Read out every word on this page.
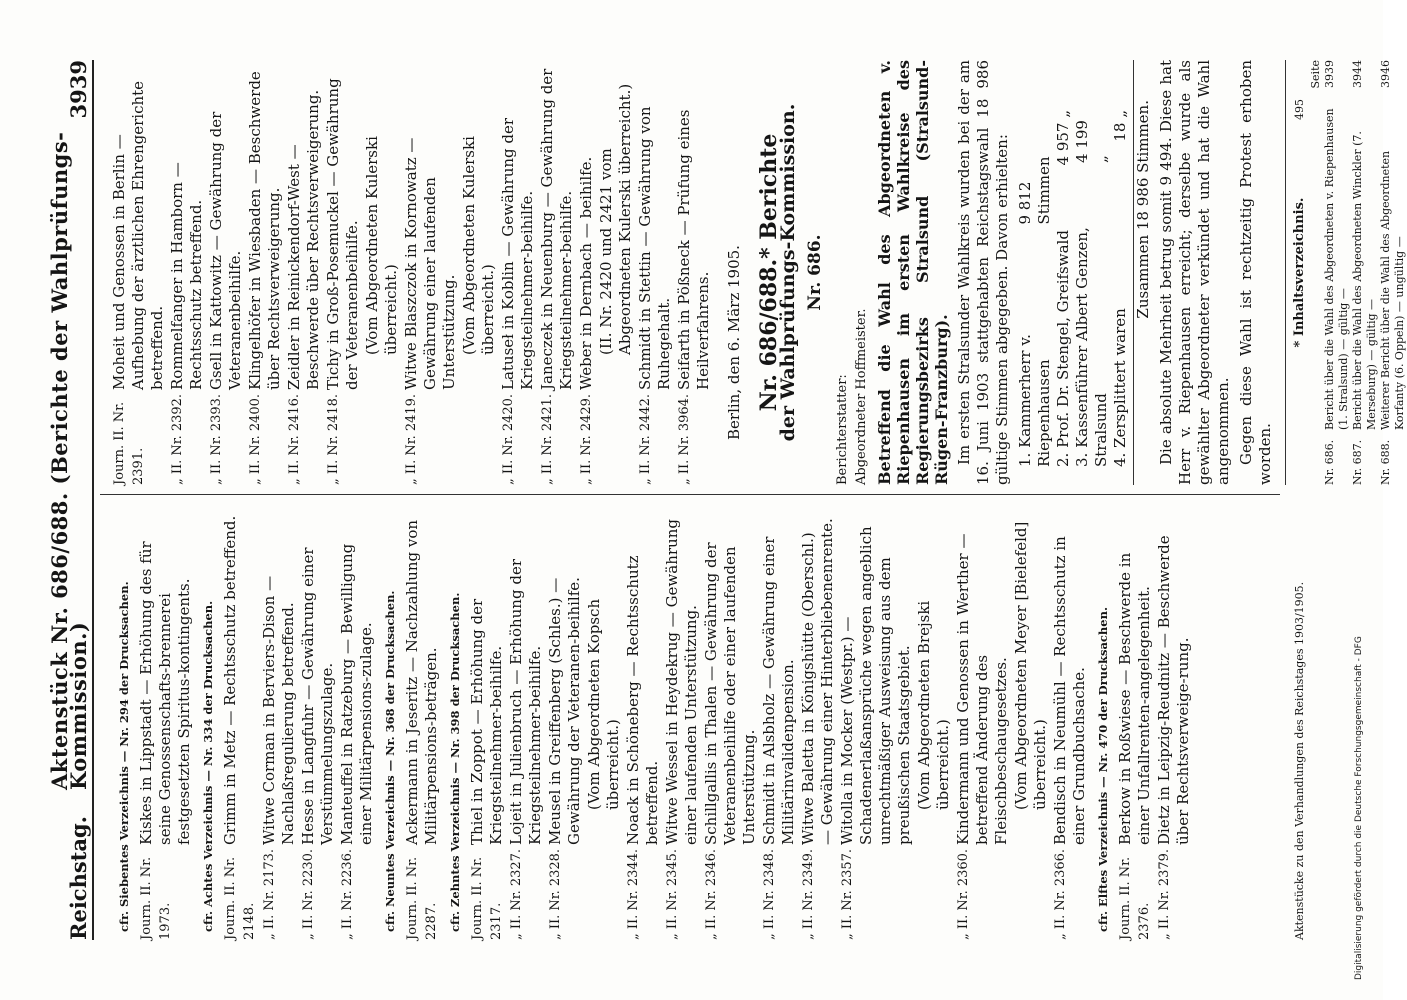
Reichstag.
Aktenstück Nr. 686/688. (Berichte der Wahlprüfungs-Kommission.)
3939
cfr. Siebentes Verzeichnis — Nr. 294 der Drucksachen. Journ. II. Nr. 1973.
Kiskes in Lippstadt — Erhöhung des für seine Genossenschafts-brennerei festgesetzten Spiritus-kontingents. cfr. Achtes Verzeichnis — Nr. 334 der Drucksachen. Journ. II. Nr. 2148.
Grimm in Metz — Rechtsschutz betreffend.
„ II. Nr. 2173.
Witwe Corman in Berviers-Dison — Nachlaßregulierung betreffend.
„ II. Nr. 2230.
Hesse in Langfuhr — Gewährung einer Verstümmelungszulage.
„ II. Nr. 2236.
Manteuffel in Ratzeburg — Bewilligung einer Militärpensions-zulage. cfr. Neuntes Verzeichnis — Nr. 368 der Drucksachen. Journ. II. Nr. 2287.
Ackermann in Jeseritz — Nachzahlung von Militärpensions-beträgen. cfr. Zehntes Verzeichnis — Nr. 398 der Drucksachen. Journ. II. Nr. 2317.
Thiel in Zoppot — Erhöhung der Kriegsteilnehmer-beihilfe.
„ II. Nr. 2327.
Lojeit in Julienbruch — Erhöhung der Kriegsteilnehmer-beihilfe.
„ II. Nr. 2328.
Meusel in Greiffenberg (Schles.) — Gewährung der Veteranen-beihilfe. (Vom Abgeordneten Kopsch überreicht.)
„ II. Nr. 2344.
Noack in Schöneberg — Rechtsschutz betreffend.
„ II. Nr. 2345.
Witwe Wessel in Heydekrug — Gewährung einer laufenden Unterstützung.
„ II. Nr. 2346.
Schillgallis in Thalen — Gewährung der Veteranenbeihilfe oder einer laufenden Unterstützung.
„ II. Nr. 2348.
Schmidt in Alsbholz — Gewährung einer Militärinvalidenpension.
„ II. Nr. 2349.
Witwe Baletta in Königshütte (Oberschl.) — Gewährung einer Hinterbliebenenrente.
„ II. Nr. 2357.
Witolla in Mocker (Westpr.) — Schadenerlaßansprüche wegen angeblich unrechtmäßiger Ausweisung aus dem preußischen Staatsgebiet. (Vom Abgeordneten Brejski überreicht.)
„ II. Nr. 2360.
Kindermann und Genossen in Werther — betreffend Änderung des Fleischbeschaugesetzes. (Vom Abgeordneten Meyer [Bielefeld] überreicht.)
„ II. Nr. 2366.
Bendisch in Neumühl — Rechtsschutz in einer Grundbuchsache. cfr. Elftes Verzeichnis — Nr. 470 der Drucksachen. Journ. II. Nr. 2376.
Berkow in Roßwiese — Beschwerde in einer Unfallrenten-angelegenheit.
„ II. Nr. 2379.
Dietz in Leipzig-Reudnitz — Beschwerde über Rechtsverweige-rung.
Journ. II. Nr. 2391.
Moheit und Genossen in Berlin — Aufhebung der ärztlichen Ehrengerichte betreffend.
„ II. Nr. 2392.
Rommelfanger in Hamborn — Rechtsschutz betreffend.
„ II. Nr. 2393.
Gsell in Kattowitz — Gewährung der Veteranenbeihilfe.
„ II. Nr. 2400.
Klingelhöfer in Wiesbaden — Beschwerde über Rechtsverweigerung.
„ II. Nr. 2416.
Zeidler in Reinickendorf-West — Beschwerde über Rechtsverweigerung.
„ II. Nr. 2418.
Tichy in Groß-Posemuckel — Gewährung der Veteranenbeihilfe. (Vom Abgeordneten Kulerski überreicht.)
„ II. Nr. 2419.
Witwe Blaszczok in Kornowatz — Gewährung einer laufenden Unterstützung. (Vom Abgeordneten Kulerski überreicht.)
„ II. Nr. 2420.
Latuseł in Koblin — Gewährung der Kriegsteilnehmer-beihilfe.
„ II. Nr. 2421.
Janeczek in Neuenburg — Gewährung der Kriegsteilnehmer-beihilfe.
„ II. Nr. 2429.
Weber in Dernbach — beihilfe. (II. Nr. 2420 und 2421 vom Abgeordneten Kulerski überreicht.)
„ II. Nr. 2442.
Schmidt in Stettin — Gewährung von Ruhegehalt.
„ II. Nr. 3964.
Seifarth in Pößneck — Prüfung eines Heilverfahrens. Berlin, den 6. März 1905. Nr. 686/688.* Berichte
der Wahlprüfungs-Kommission. Nr. 686.
Berichterstatter: Abgeordneter Hoffmeister. Betreffend die Wahl des Abgeordneten v. Riepenhausen im ersten Wahlkreise des Regierungsbezirks Stralsund (Stralsund-Rügen-Franzburg). Im ersten Stralsunder Wahlkreis wurden bei der am 16. Juni 1903 stattgehabten Reichstagswahl 18 986 gültige Stimmen abgegeben. Davon erhielten: 1. Kammerherr v. Riepenhausen
9 812 Stimmen
2. Prof. Dr. Stengel, Greifswald
4 957 „
3. Kassenführer Albert Genzen, Stralsund
4 199 „
4. Zersplittert waren
18 „ Zusammen 18 986 Stimmen. Die absolute Mehrheit betrug somit 9 494. Diese hat Herr v. Riepenhausen erreicht; derselbe wurde als gewählter Abgeordneter verkündet und hat die Wahl angenommen. Gegen diese Wahl ist rechtzeitig Protest erhoben worden.
* Inhaltsverzeichnis.
Seite
Nr. 686.
Bericht über die Wahl des Abgeordneten v. Riepenhausen (1. Stralsund) — gültig —
3939
Nr. 687.
Bericht über die Wahl des Abgeordneten Winckler (7. Merseburg) — gültig —
3944
Nr. 688.
Weiterer Bericht über die Wahl des Abgeordneten Korfanty (6. Oppeln) — ungültig —
3946
Aktenstücke zu den Verhandlungen des Reichstages 1903/1905.
495
Digitalisierung gefördert durch die Deutsche Forschungsgemeinschaft - DFG
